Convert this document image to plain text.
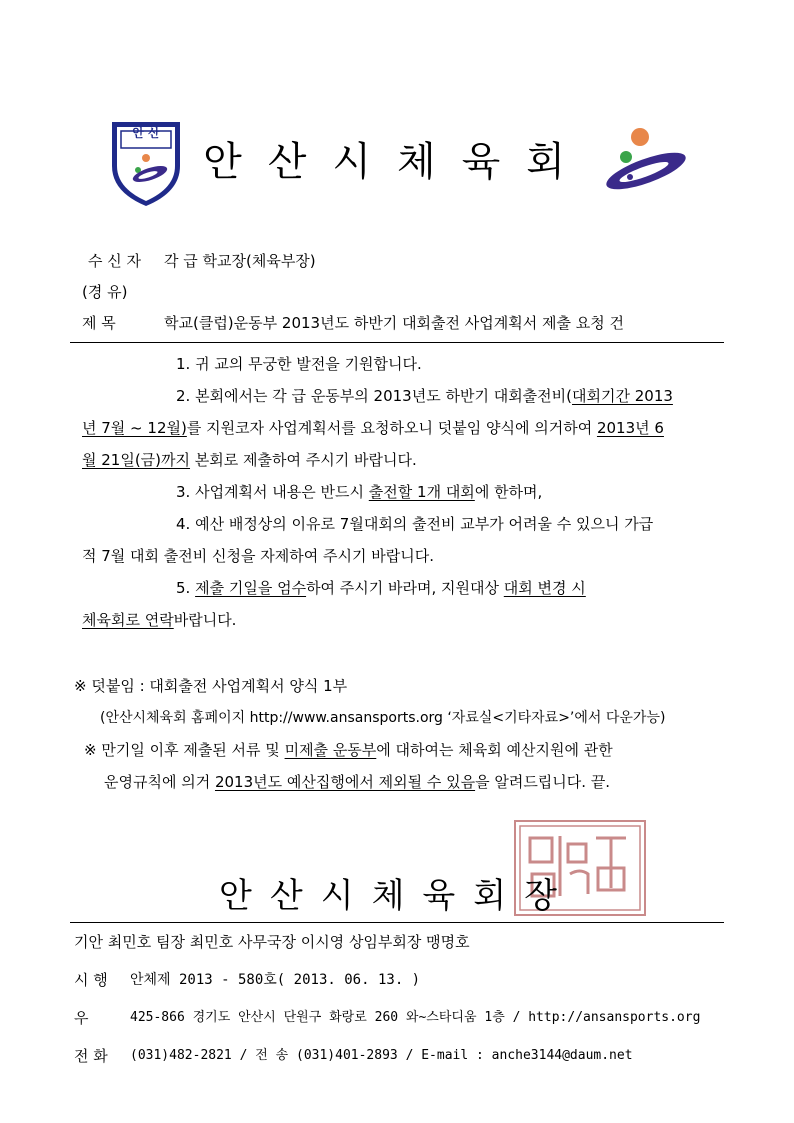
안 산
안산시체육회
수 신 자 각 급 학교장(체육부장)
(경 유)
제 목	학교(클럽)운동부 2013년도 하반기 대회출전 사업계획서 제출 요청 건
1. 귀 교의 무궁한 발전을 기원합니다.
2. 본회에서는 각 급 운동부의 2013년도 하반기 대회출전비(대회기간 2013
년 7월 ~ 12월)를 지원코자 사업계획서를 요청하오니 덧붙임 양식에 의거하여 2013년 6
월 21일(금)까지 본회로 제출하여 주시기 바랍니다.
3. 사업계획서 내용은 반드시 출전할 1개 대회에 한하며,
4. 예산 배정상의 이유로 7월대회의 출전비 교부가 어려울 수 있으니 가급
적 7월 대회 출전비 신청을 자제하여 주시기 바랍니다.
5. 제출 기일을 엄수하여 주시기 바라며, 지원대상 대회 변경 시
체육회로 연락바랍니다.
※ 덧붙임 : 대회출전 사업계획서 양식 1부
(안산시체육회 홈페이지 http://www.ansansports.org ‘자료실<기타자료>’에서 다운가능)
※ 만기일 이후 제출된 서류 및 미제출 운동부에 대하여는 체육회 예산지원에 관한
운영규칙에 의거 2013년도 예산집행에서 제외될 수 있음을 알려드립니다. 끝.
안산시체육회장
기안 최민호 팀장 최민호 사무국장 이시영 상임부회장 맹명호
시 행 안체제 2013 - 580호( 2013. 06. 13. )
우	425-866 경기도 안산시 단원구 화랑로 260 와~스타디움 1층 / http://ansansports.org
전 화 (031)482-2821 / 전 송 (031)401-2893 / E-mail : anche3144@daum.net
